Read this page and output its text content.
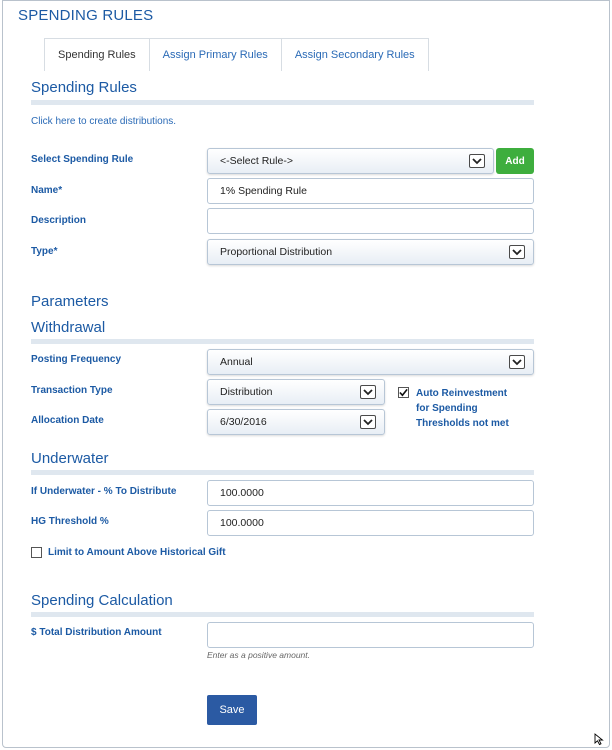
SPENDING RULES
Spending Rules	Assign Primary Rules	Assign Secondary Rules
Spending Rules
Click here to create distributions.
Select Spending Rule	<-Select Rule->	Add
Name*	1% Spending Rule
Description
Type*	Proportional Distribution
Parameters
Withdrawal
Posting Frequency	Annual
Transaction Type	Distribution	Auto Reinvestment
for Spending
Thresholds not met
Allocation Date	6/30/2016
Underwater
If Underwater - % To Distribute	100.0000
HG Threshold %	100.0000
Limit to Amount Above Historical Gift
Spending Calculation
$ Total Distribution Amount
Enter as a positive amount.
Save
